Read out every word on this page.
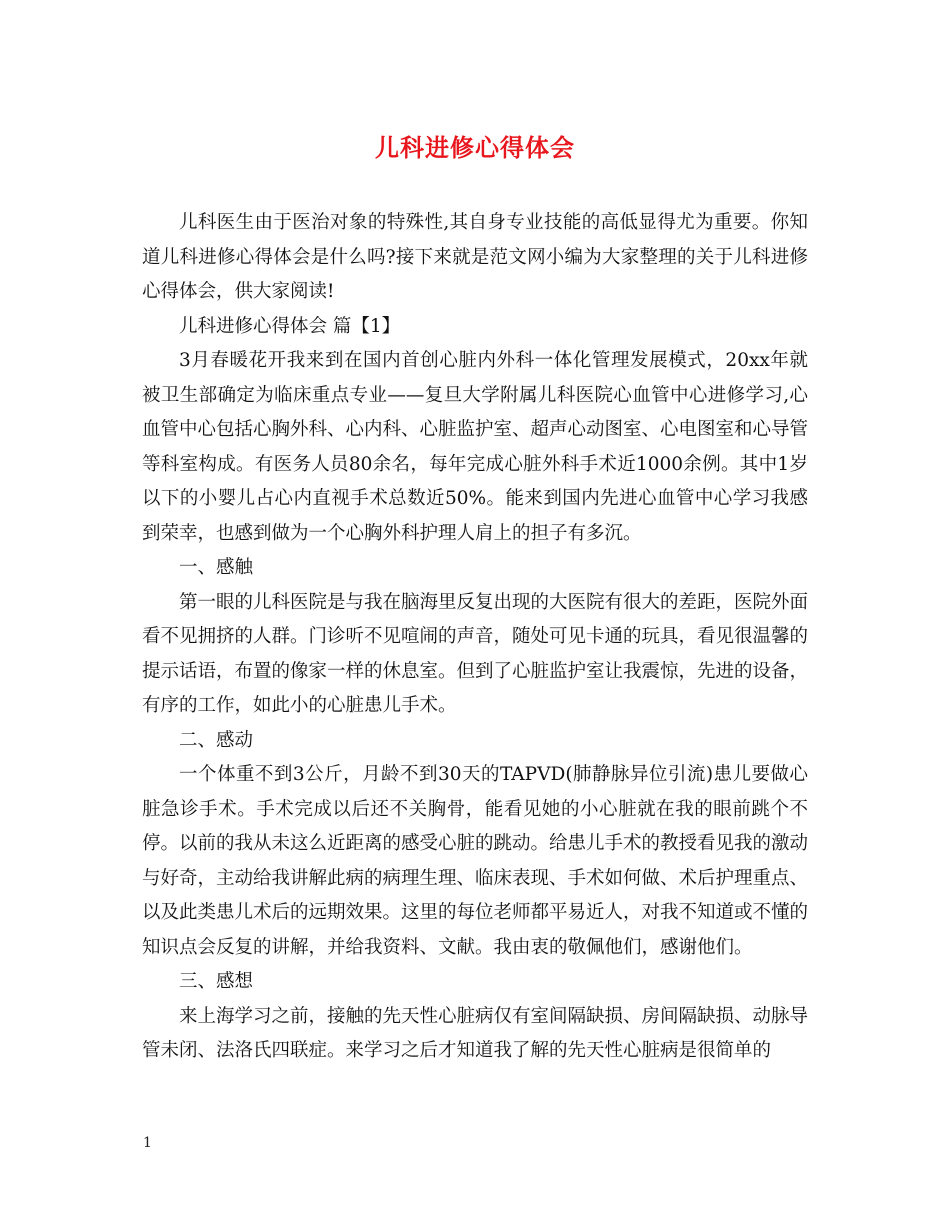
儿科进修心得体会

儿科医生由于医治对象的特殊性,其自身专业技能的高低显得尤为重要。你知道儿科进修心得体会是什么吗?接下来就是范文网小编为大家整理的关于儿科进修心得体会，供大家阅读!

儿科进修心得体会 篇【1】

3月春暖花开我来到在国内首创心脏内外科一体化管理发展模式，20xx年就被卫生部确定为临床重点专业——复旦大学附属儿科医院心血管中心进修学习,心血管中心包括心胸外科、心内科、心脏监护室、超声心动图室、心电图室和心导管等科室构成。有医务人员80余名，每年完成心脏外科手术近1000余例。其中1岁以下的小婴儿占心内直视手术总数近50%。能来到国内先进心血管中心学习我感到荣幸，也感到做为一个心胸外科护理人肩上的担子有多沉。

一、感触

第一眼的儿科医院是与我在脑海里反复出现的大医院有很大的差距，医院外面看不见拥挤的人群。门诊听不见喧闹的声音，随处可见卡通的玩具，看见很温馨的提示话语，布置的像家一样的休息室。但到了心脏监护室让我震惊，先进的设备，有序的工作，如此小的心脏患儿手术。

二、感动

一个体重不到3公斤，月龄不到30天的TAPVD(肺静脉异位引流)患儿要做心脏急诊手术。手术完成以后还不关胸骨，能看见她的小心脏就在我的眼前跳个不停。以前的我从未这么近距离的感受心脏的跳动。给患儿手术的教授看见我的激动与好奇，主动给我讲解此病的病理生理、临床表现、手术如何做、术后护理重点、以及此类患儿术后的远期效果。这里的每位老师都平易近人，对我不知道或不懂的知识点会反复的讲解，并给我资料、文献。我由衷的敬佩他们，感谢他们。

三、感想

来上海学习之前，接触的先天性心脏病仅有室间隔缺损、房间隔缺损、动脉导管未闭、法洛氏四联症。来学习之后才知道我了解的先天性心脏病是很简单的

1
